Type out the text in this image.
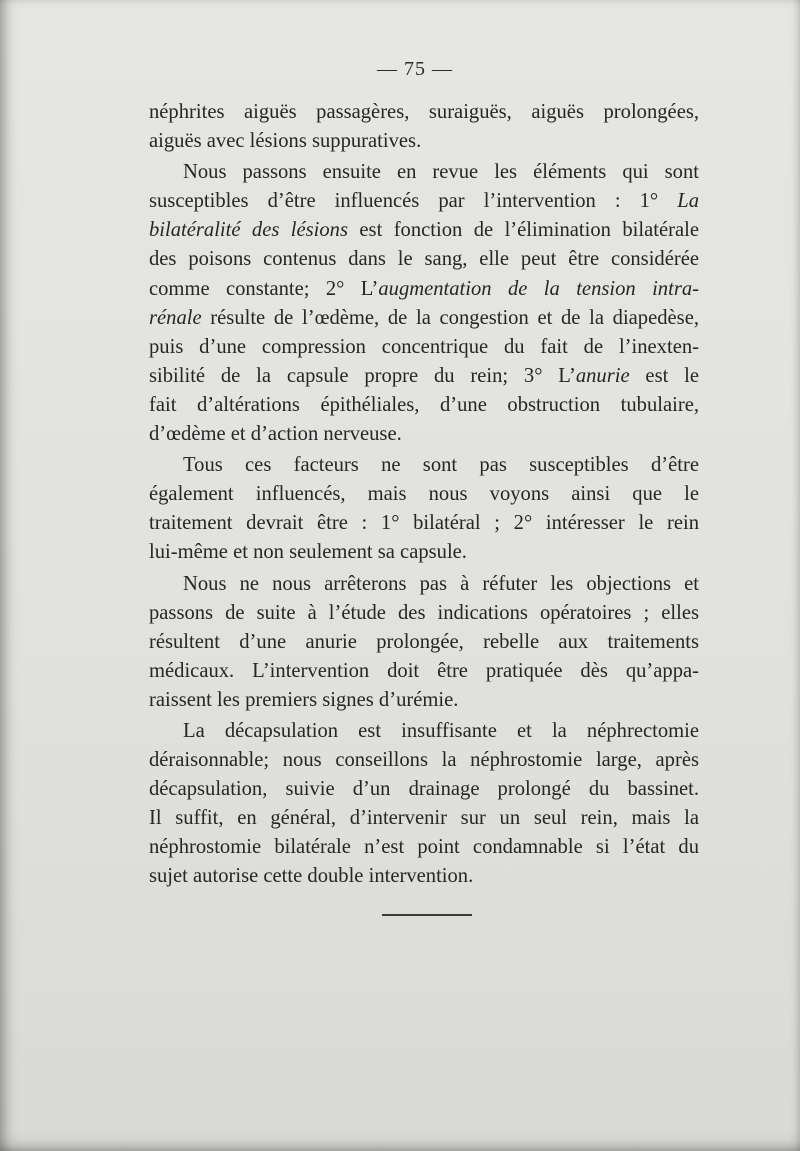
— 75 —
néphrites aiguës passagères, suraiguës, aiguës prolongées,
aiguës avec lésions suppuratives.
Nous passons ensuite en revue les éléments qui sont
susceptibles d’être influencés par l’intervention : 1° La
bilatéralité des lésions est fonction de l’élimination bilatérale
des poisons contenus dans le sang, elle peut être considérée
comme constante; 2° L’augmentation de la tension intra-
rénale résulte de l’œdème, de la congestion et de la diapedèse,
puis d’une compression concentrique du fait de l’inexten-
sibilité de la capsule propre du rein; 3° L’anurie est le
fait d’altérations épithéliales, d’une obstruction tubulaire,
d’œdème et d’action nerveuse.
Tous ces facteurs ne sont pas susceptibles d’être
également influencés, mais nous voyons ainsi que le
traitement devrait être : 1° bilatéral ; 2° intéresser le rein
lui-même et non seulement sa capsule.
Nous ne nous arrêterons pas à réfuter les objections et
passons de suite à l’étude des indications opératoires ; elles
résultent d’une anurie prolongée, rebelle aux traitements
médicaux. L’intervention doit être pratiquée dès qu’appa-
raissent les premiers signes d’urémie.
La décapsulation est insuffisante et la néphrectomie
déraisonnable; nous conseillons la néphrostomie large, après
décapsulation, suivie d’un drainage prolongé du bassinet.
Il suffit, en général, d’intervenir sur un seul rein, mais la
néphrostomie bilatérale n’est point condamnable si l’état du
sujet autorise cette double intervention.
